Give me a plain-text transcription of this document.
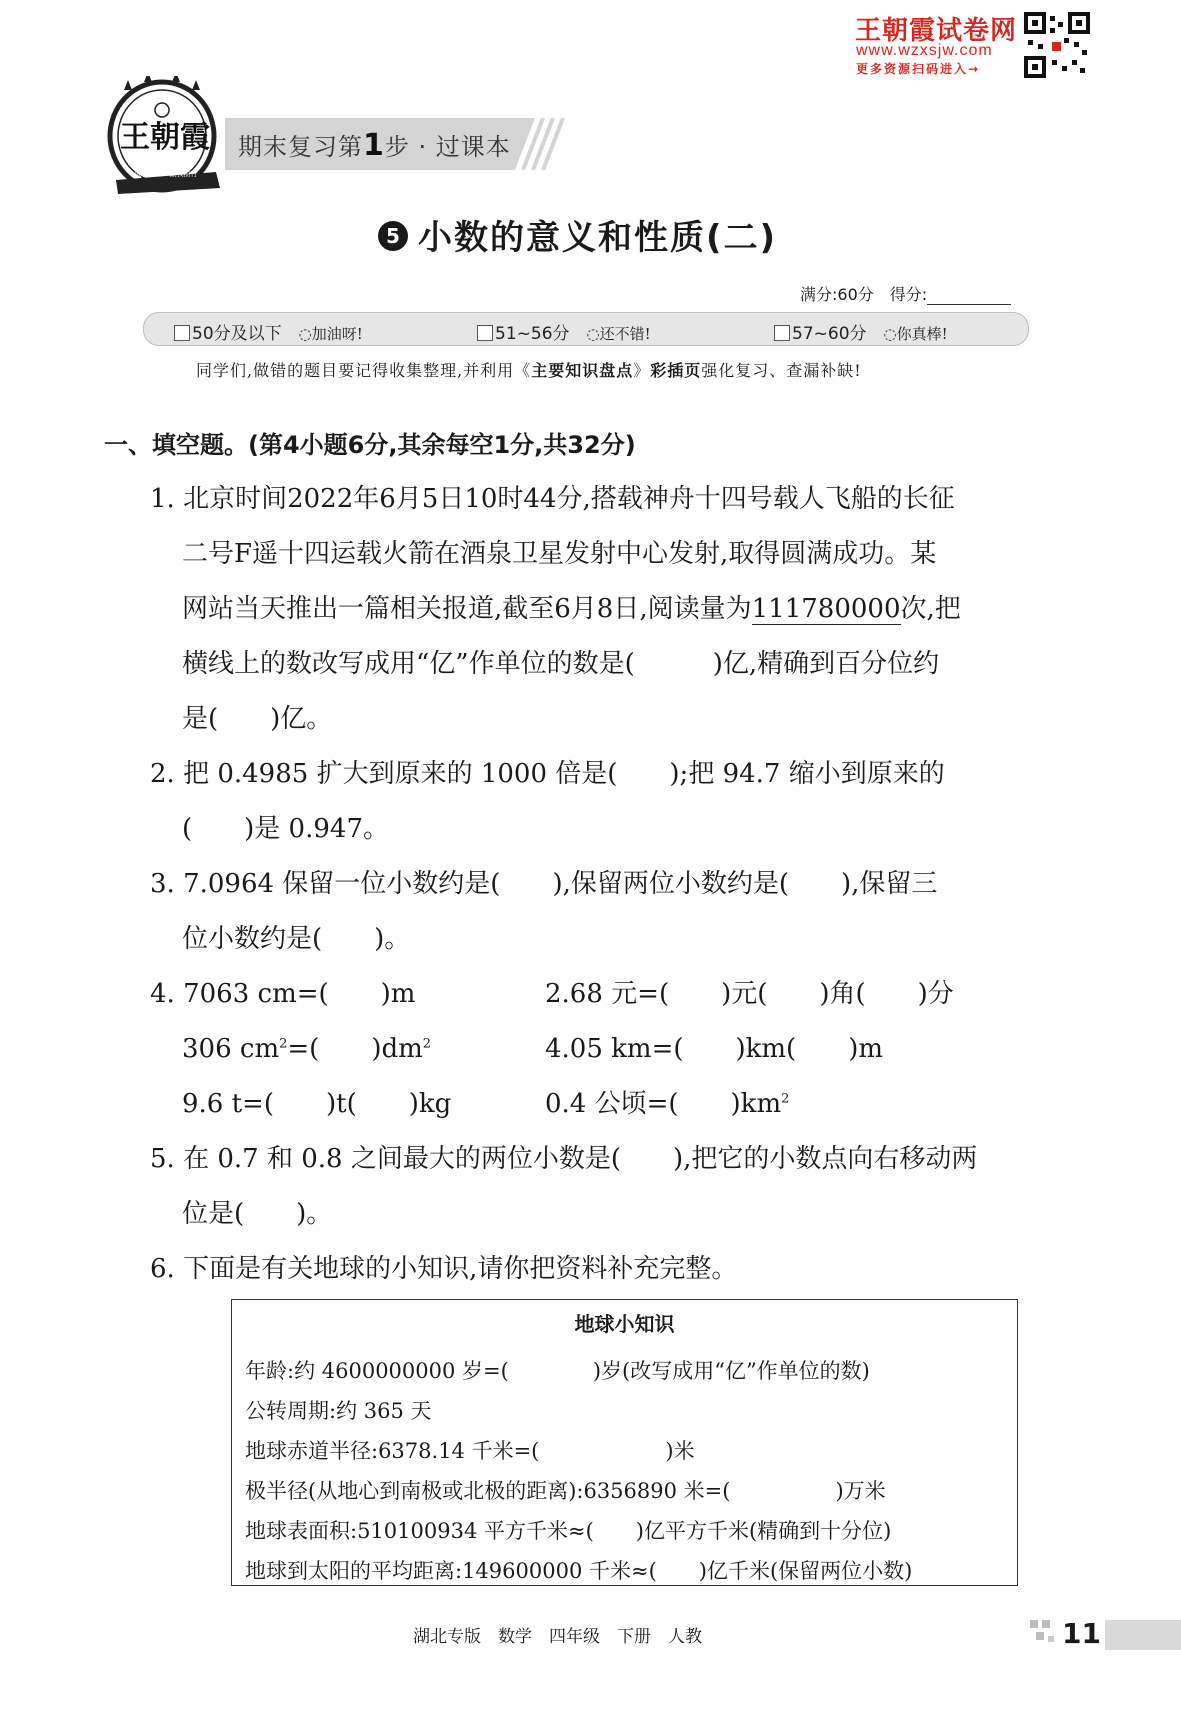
王朝霞试卷网
www.wzxsjw.com
更多资源扫码进入→
成长路上　跟我前行
王朝霞 期末复习第1步 · 过课本
5 小数的意义和性质(二)
满分:60分　 得分:
50分及以下　 ◌加油呀!	51~56分　 ◌还不错!	57~60分　 ◌你真棒!
同学们,做错的题目要记得收集整理,并利用《主要知识盘点》彩插页强化复习、查漏补缺!
一、填空题。(第4小题6分,其余每空1分,共32分)
1. 北京时间2022年6月5日10时44分,搭载神舟十四号载人飞船的长征
二号F遥十四运载火箭在酒泉卫星发射中心发射,取得圆满成功。某
网站当天推出一篇相关报道,截至6月8日,阅读量为111780000次,把
横线上的数改写成用“亿”作单位的数是(　　　)亿,精确到百分位约
是(　　)亿。
2. 把 0.4985 扩大到原来的 1000 倍是(　　);把 94.7 缩小到原来的
(　　)是 0.947。
3. 7.0964 保留一位小数约是(　　),保留两位小数约是(　　),保留三
位小数约是(　　)。
4. 7063 cm=(　　)m	2.68 元=(　　)元(　　)角(　　)分
306 $cm^2=$(　　)$dm^2$	4.05 km=(　　)km(　　)m
9.6 t=(　　)t(　　)kg	0.4 公顷=(　　)$km^2$
5. 在 0.7 和 0.8 之间最大的两位小数是(　　),把它的小数点向右移动两
位是(　　)。
6. 下面是有关地球的小知识,请你把资料补充完整。
地球小知识
年龄:约 4600000000 岁=(　　　　)岁(改写成用“亿”作单位的数)
公转周期:约 365 天
地球赤道半径:6378.14 千米=(　　　　　　)米
极半径(从地心到南极或北极的距离):6356890 米=(　　　　　)万米
地球表面积:510100934 平方千米≈(　　)亿平方千米(精确到十分位)
地球到太阳的平均距离:149600000 千米≈(　　)亿千米(保留两位小数)
湖北专版　数学　四年级　下册　人教	11
